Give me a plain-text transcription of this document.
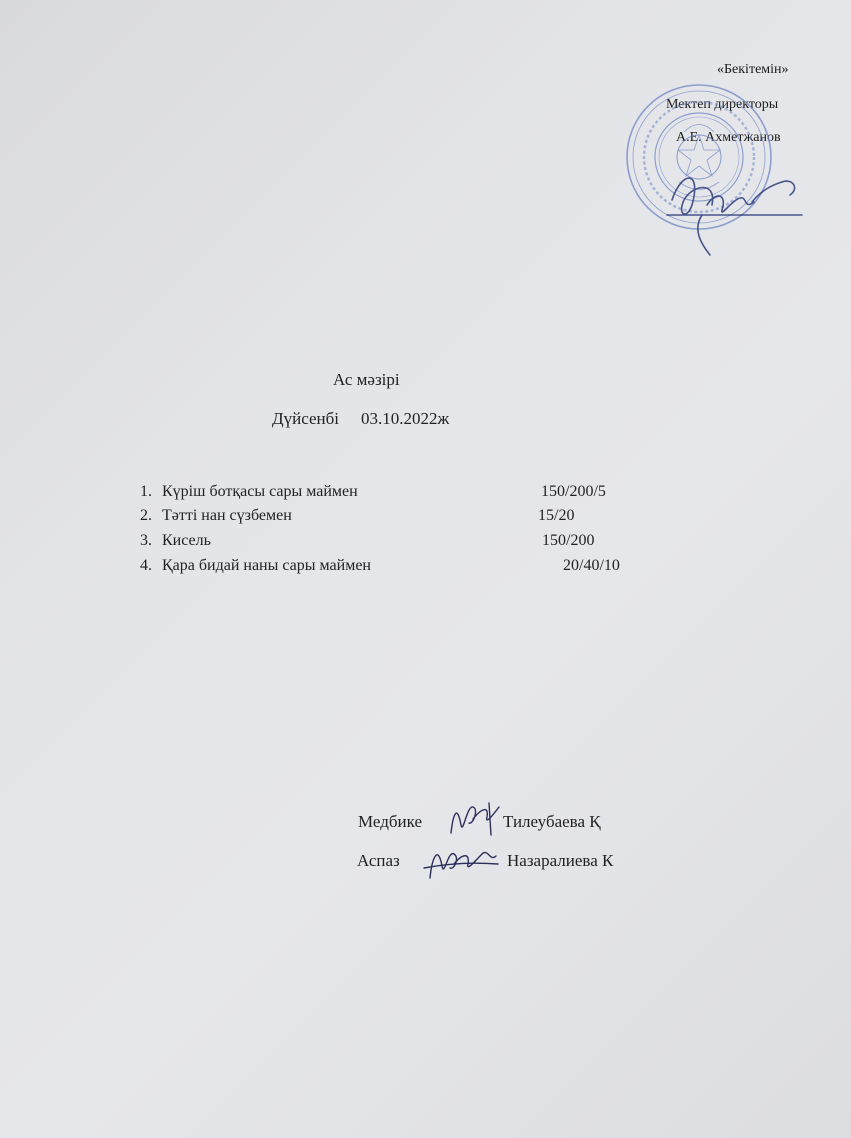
«Бекітемін»
Мектеп директоры
А.Е. Ахметжанов
Ас мәзірі
Дүйсенбі 03.10.2022ж
1. Күріш ботқасы сары маймен	150/200/5
2. Тәтті нан сүзбемен	15/20
3. Кисель	150/200
4. Қара бидай наны сары маймен	20/40/10
Медбике	Тилеубаева Қ
Аспаз	Назаралиева К
